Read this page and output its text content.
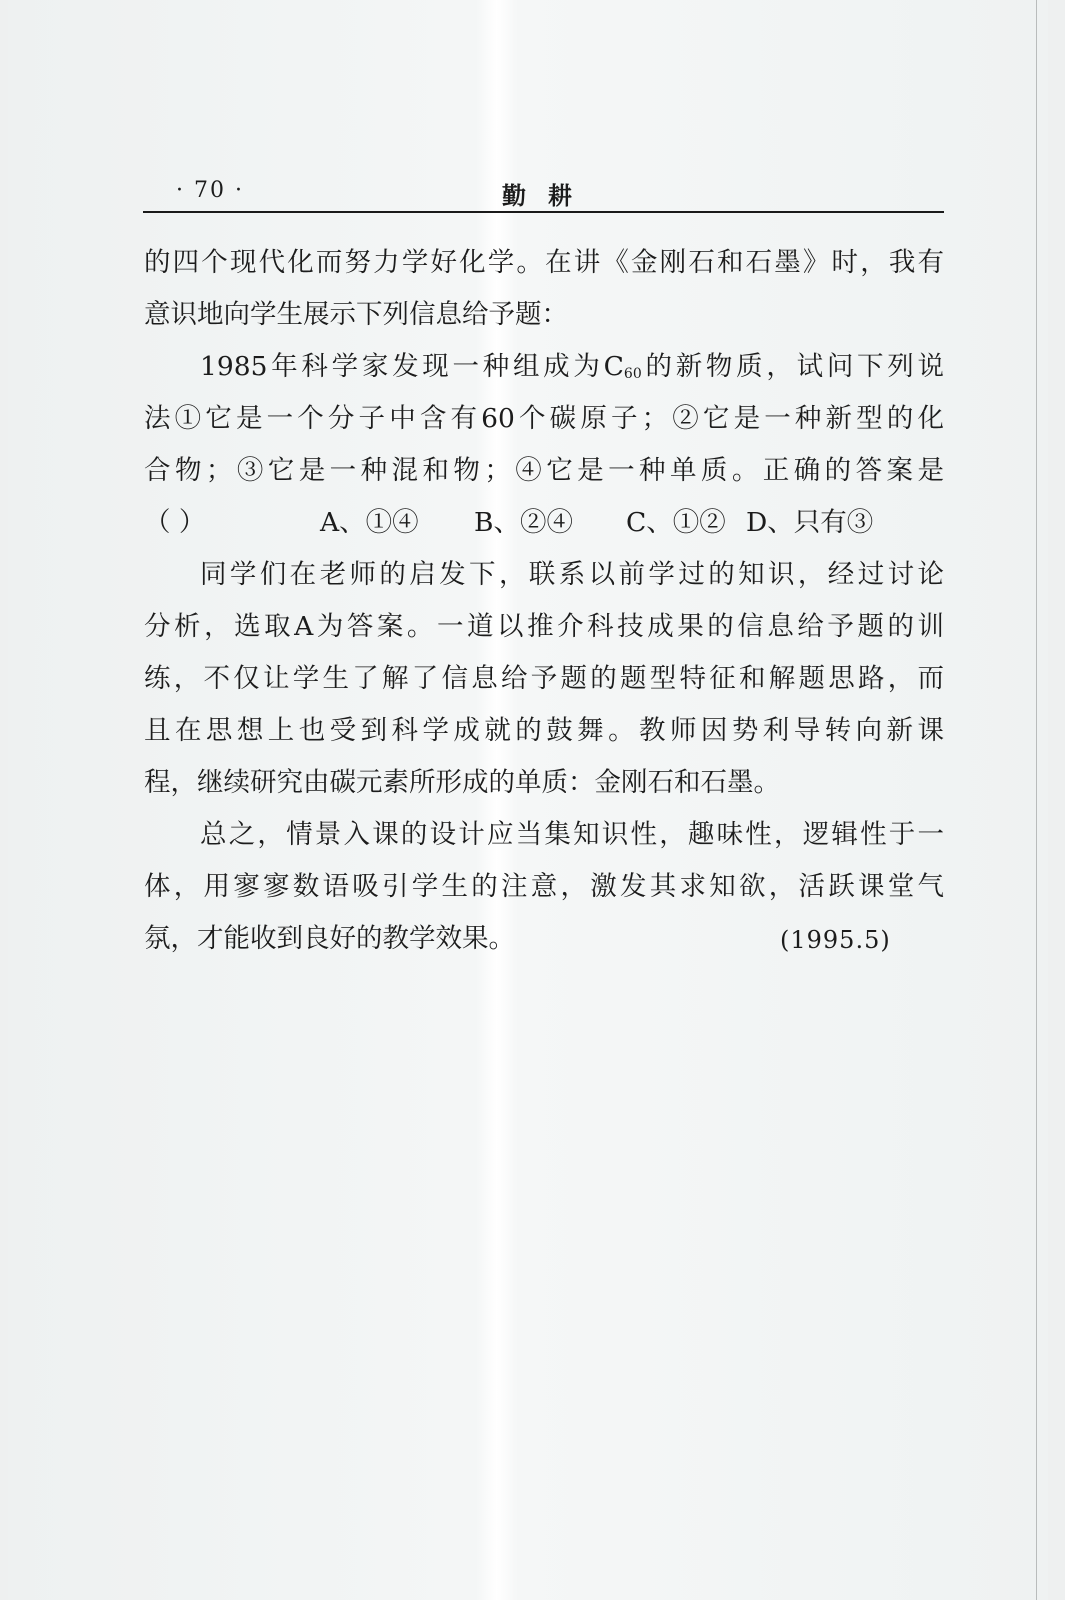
· 70 ·	勤耕
的四个现代化而努力学好化学。在讲《金刚石和石墨》时，我有
意识地向学生展示下列信息给予题：
1985年科学家发现一种组成为$C_{60}$的新物质，试问下列说
法①它是一个分子中含有60个碳原子；②它是一种新型的化
合物；③它是一种混和物；④它是一种单质。正确的答案是
（ ）	A、①④	B、②④	C、①② D、只有③
同学们在老师的启发下，联系以前学过的知识，经过讨论
分析，选取A为答案。一道以推介科技成果的信息给予题的训
练，不仅让学生了解了信息给予题的题型特征和解题思路，而
且在思想上也受到科学成就的鼓舞。教师因势利导转向新课
程，继续研究由碳元素所形成的单质：金刚石和石墨。
总之，情景入课的设计应当集知识性，趣味性，逻辑性于一
体，用寥寥数语吸引学生的注意，激发其求知欲，活跃课堂气
氛，才能收到良好的教学效果。	(1995.5)
